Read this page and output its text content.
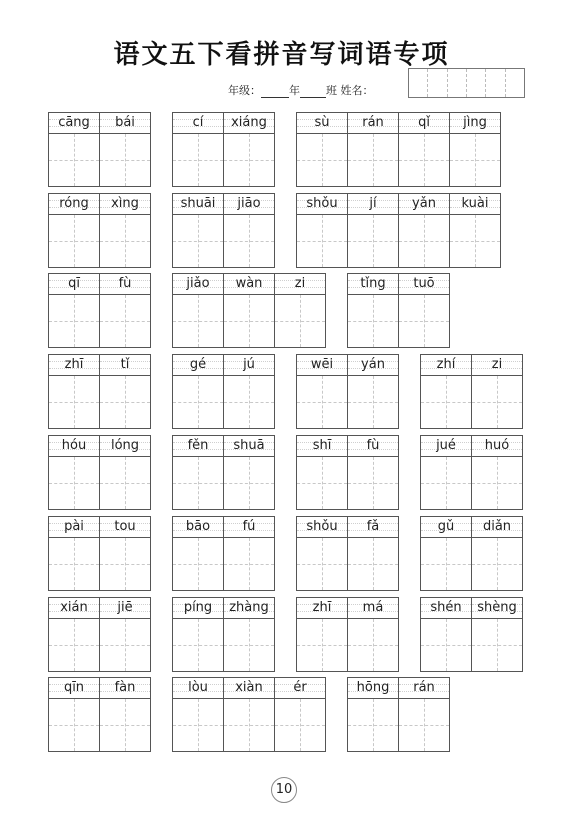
语文五下看拼音写词语专项
年级：	年 班 姓名：
cāng	bái	cí	xiáng	sù	rán	qǐ	jìng
róng	xìng	shuāi	jiāo	shǒu	jí	yǎn	kuài
qī	fù	jiǎo	wàn	zi	tǐng	tuō
zhī	tǐ	gé	jú	wēi	yán	zhí	zi
hóu	lóng	fěn	shuā	shī	fù	jué	huó
pài	tou	bāo	fú	shǒu	fǎ	gǔ	diǎn
xián	jiē	píng	zhàng	zhī	má	shén	shèng
qīn	fàn	lòu	xiàn	ér	hōng	rán
10
